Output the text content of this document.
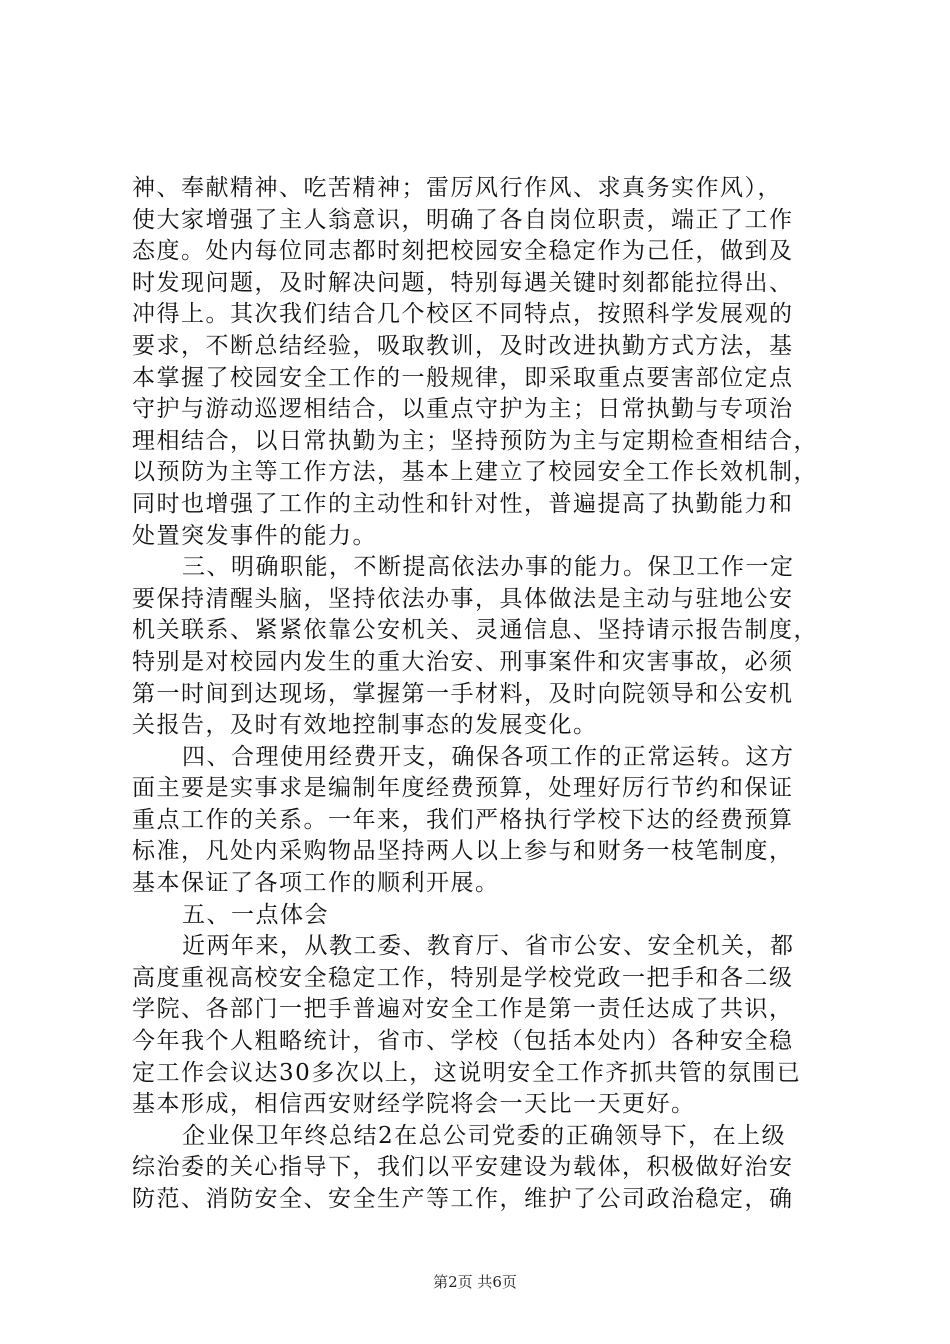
神、奉献精神、吃苦精神；雷厉风行作风、求真务实作风），
使大家增强了主人翁意识，明确了各自岗位职责，端正了工作
态度。处内每位同志都时刻把校园安全稳定作为己任，做到及
时发现问题，及时解决问题，特别每遇关键时刻都能拉得出、
冲得上。其次我们结合几个校区不同特点，按照科学发展观的
要求，不断总结经验，吸取教训，及时改进执勤方式方法，基
本掌握了校园安全工作的一般规律，即采取重点要害部位定点
守护与游动巡逻相结合，以重点守护为主；日常执勤与专项治
理相结合，以日常执勤为主；坚持预防为主与定期检查相结合，
以预防为主等工作方法，基本上建立了校园安全工作长效机制，
同时也增强了工作的主动性和针对性，普遍提高了执勤能力和
处置突发事件的能力。
三、明确职能，不断提高依法办事的能力。保卫工作一定
要保持清醒头脑，坚持依法办事，具体做法是主动与驻地公安
机关联系、紧紧依靠公安机关、灵通信息、坚持请示报告制度，
特别是对校园内发生的重大治安、刑事案件和灾害事故，必须
第一时间到达现场，掌握第一手材料，及时向院领导和公安机
关报告，及时有效地控制事态的发展变化。
四、合理使用经费开支，确保各项工作的正常运转。这方
面主要是实事求是编制年度经费预算，处理好厉行节约和保证
重点工作的关系。一年来，我们严格执行学校下达的经费预算
标准，凡处内采购物品坚持两人以上参与和财务一枝笔制度，
基本保证了各项工作的顺利开展。
五、一点体会
近两年来，从教工委、教育厅、省市公安、安全机关，都
高度重视高校安全稳定工作，特别是学校党政一把手和各二级
学院、各部门一把手普遍对安全工作是第一责任达成了共识，
今年我个人粗略统计，省市、学校（包括本处内）各种安全稳
定工作会议达30多次以上，这说明安全工作齐抓共管的氛围已
基本形成，相信西安财经学院将会一天比一天更好。
企业保卫年终总结2在总公司党委的正确领导下，在上级
综治委的关心指导下，我们以平安建设为载体，积极做好治安
防范、消防安全、安全生产等工作，维护了公司政治稳定，确
第2页 共6页
